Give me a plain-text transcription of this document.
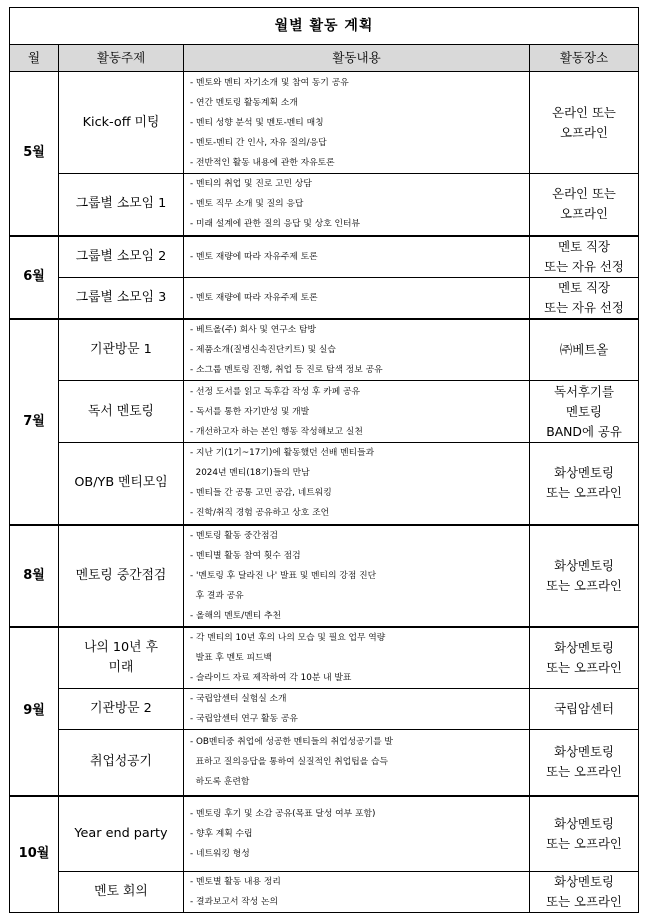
월별 활동 계획			
월	활동주제	활동내용	활동장소
5월	Kick-off 미팅	- 멘토와 멘티 자기소개 및 참여 동기 공유
- 연간 멘토링 활동계획 소개
- 멘티 성향 분석 및 멘토-멘티 매칭
- 멘토-멘티 간 인사, 자유 질의/응답
- 전반적인 활동 내용에 관한 자유토론	온라인 또는
오프라인

	그룹별 소모임 1	- 멘티의 취업 및 진로 고민 상담
- 멘토 직무 소개 및 질의 응답
- 미래 설계에 관한 질의 응답 및 상호 인터뷰	온라인 또는
오프라인

6월	그룹별 소모임 2	- 멘토 재량에 따라 자유주제 토론	멘토 직장
또는 자유 선정

	그룹별 소모임 3	- 멘토 재량에 따라 자유주제 토론	멘토 직장
또는 자유 선정

7월	기관방문 1	- 베트올(주) 회사 및 연구소 탐방
- 제품소개(질병신속진단키트) 및 실습
- 소그룹 멘토링 진행, 취업 등 진로 탐색 정보 공유	㈜베트올

	독서 멘토링	- 선정 도서를 읽고 독후감 작성 후 카페 공유
- 독서를 통한 자기반성 및 개발
- 개선하고자 하는 본인 행동 작성해보고 실천	독서후기를
멘토링
BAND에 공유

	OB/YB 멘티모임	- 지난 기(1기~17기)에 활동했던 선배 멘티들과
2024년 멘티(18기)들의 만남
- 멘티들 간 공통 고민 공감, 네트워킹
- 진학/취직 경험 공유하고 상호 조언	화상멘토링
또는 오프라인

8월	멘토링 중간점검	- 멘토링 활동 중간점검
- 멘티별 활동 참여 횟수 점검
- '멘토링 후 달라진 나' 발표 및 멘티의 강점 진단
후 결과 공유
- 올해의 멘토/멘티 추천	화상멘토링
또는 오프라인

9월	나의 10년 후
미래	- 각 멘티의 10년 후의 나의 모습 및 필요 업무 역량
발표 후 멘토 피드백
- 슬라이드 자료 제작하여 각 10분 내 발표	화상멘토링
또는 오프라인

	기관방문 2	- 국립암센터 실험실 소개
- 국립암센터 연구 활동 공유	국립암센터

	취업성공기	- OB멘티중 취업에 성공한 멘티들의 취업성공기를 발
표하고 질의응답을 통하여 실질적인 취업팁을 습득
하도록 훈련함	화상멘토링
또는 오프라인

10월	Year end party	- 멘토링 후기 및 소감 공유(목표 달성 여부 포함)
- 향후 계획 수립
- 네트워킹 형성	화상멘토링
또는 오프라인

	멘토 회의	- 멘토별 활동 내용 정리
- 결과보고서 작성 논의	화상멘토링
또는 오프라인
